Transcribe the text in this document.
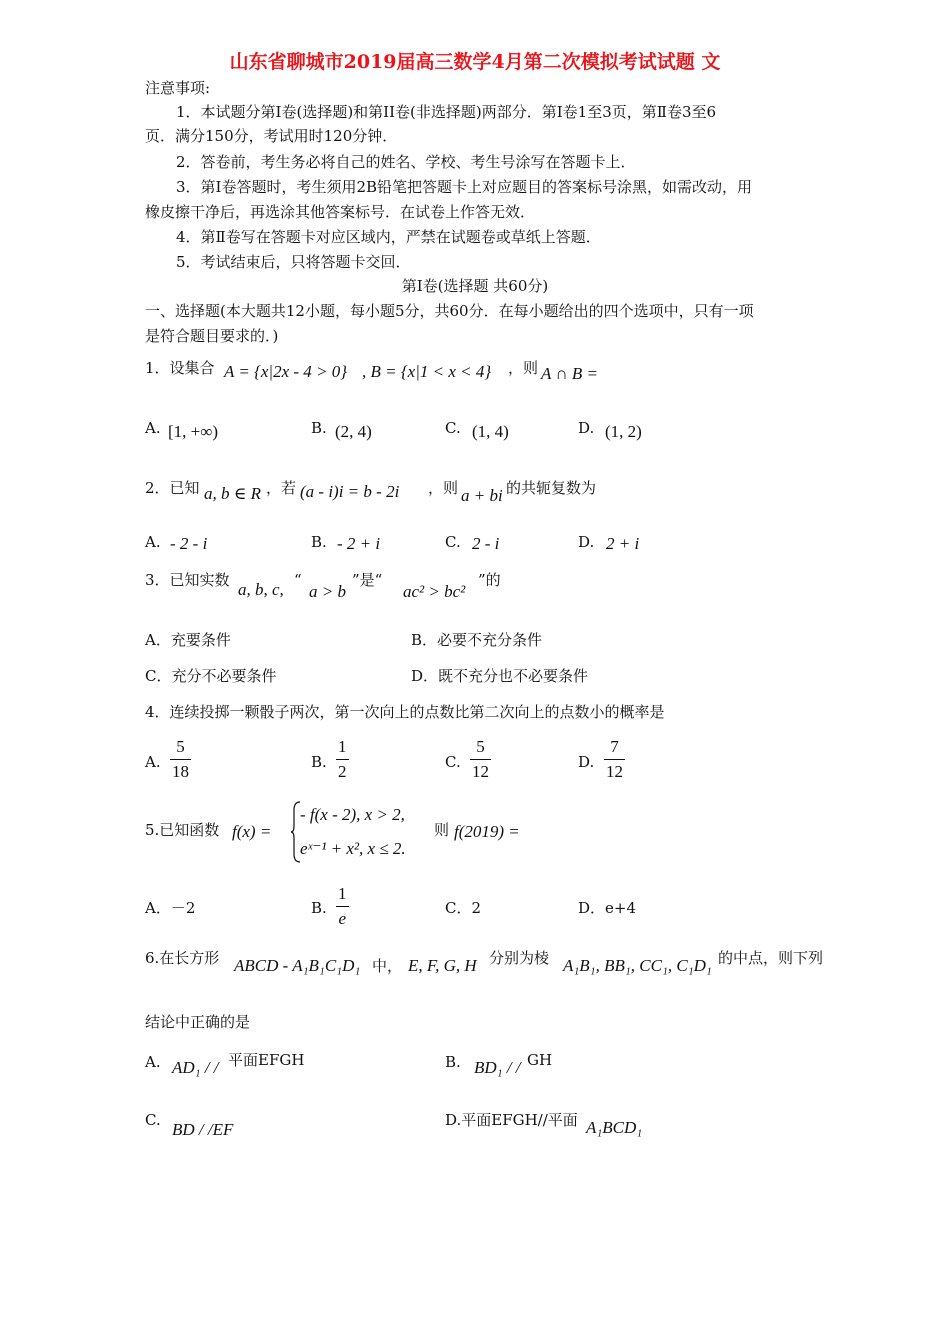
山东省聊城市2019届高三数学4月第二次模拟考试试题 文
注意事项:
1．本试题分第Ⅰ卷(选择题)和第II卷(非选择题)两部分．第Ⅰ卷1至3页，第Ⅱ卷3至6
页．满分150分，考试用时120分钟．
2．答卷前，考生务必将自己的姓名、学校、考生号涂写在答题卡上．
3．第Ⅰ卷答题时，考生须用2B铅笔把答题卡上对应题目的答案标号涂黑，如需改动，用
橡皮擦干净后，再选涂其他答案标号．在试卷上作答无效．
4．第Ⅱ卷写在答题卡对应区域内，严禁在试题卷或草纸上答题．
5．考试结束后，只将答题卡交回．
第Ⅰ卷(选择题 共60分)
一、选择题(本大题共12小题，每小题5分，共60分．在每小题给出的四个选项中，只有一项
是符合题目要求的．)
1．设集合 A = {x|2x - 4 > 0} , B = {x|1 < x < 4} ，则 A ∩ B =
A. [1, +∞)	B. (2, 4)	C. (1, 4)	D. (1, 2)
2．已知 a, b ∈ R ，若 (a - i)i = b - 2i ，则 a + bi 的共轭复数为
A. - 2 - i	B. - 2 + i	C. 2 - i	D. 2 + i
3．已知实数 a, b, c, “
a > b
”是“
ac² > bc²
”的
A．充要条件	B．必要不充分条件
C．充分不必要条件	D．既不充分也不必要条件
4．连续投掷一颗骰子两次，第一次向上的点数比第二次向上的点数小的概率是
A.
5
18	B.
1
2	C.
5
12	D.
7
12
5.已知函数 f(x) =
- f(x - 2), x > 2,
eˣ⁻¹ + x², x ≤ 2.
则 f(2019) =
A．－2	B.
1
e
C．2	D．e+4
6.在长方形 ABCD - A₁B₁C₁D₁ 中， E, F, G, H 分别为棱 A₁B₁, BB₁, CC₁, C₁D₁ 的中点，则下列
结论中正确的是
A. AD₁ / / 平面EFGH	B. BD₁ / / GH
C. BD / /EF	D.平面EFGH//平面 A₁BCD₁
